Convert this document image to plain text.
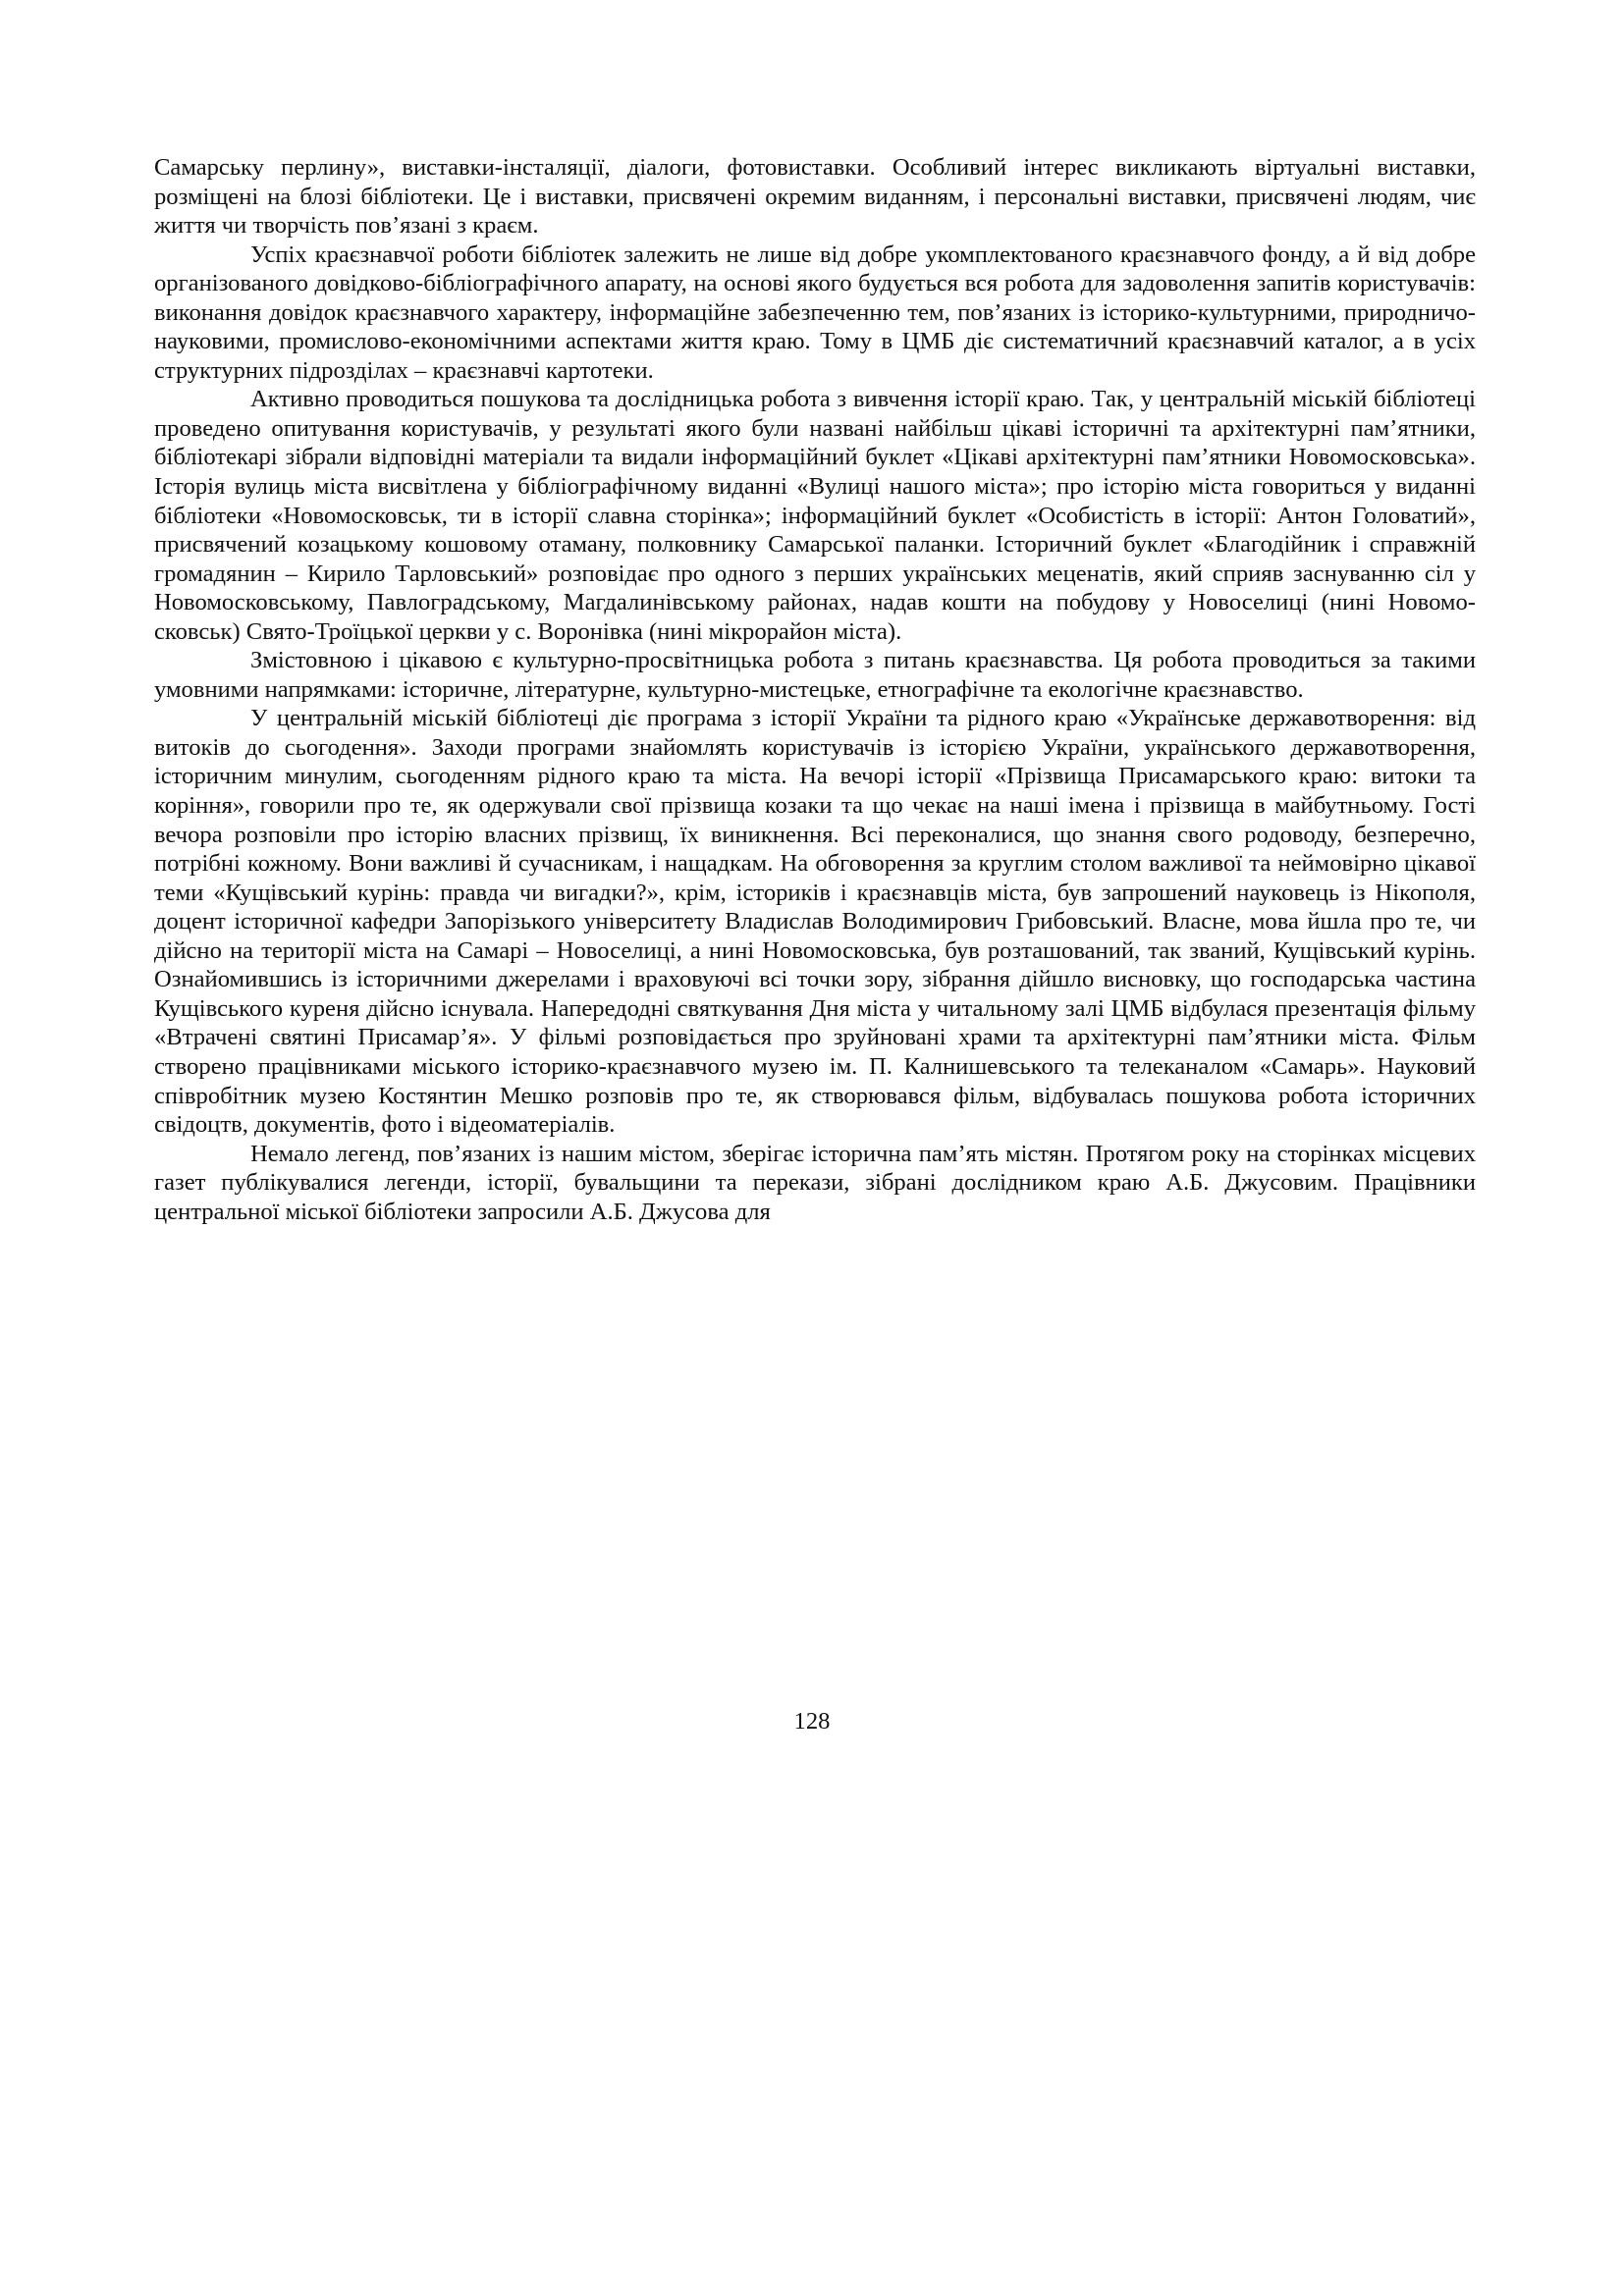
Самарську перлину», виставки-інсталяції, діалоги, фотовиставки. Особливий інтерес викликають віртуальні виставки, розміщені на блозі бібліотеки. Це і виставки, присвячені окремим виданням, і персональні виставки, присвячені людям, чиє життя чи творчість пов’язані з краєм.

Успіх краєзнавчої роботи бібліотек залежить не лише від добре укомплектованого краєзнавчого фонду, а й від добре організованого довідково-бібліографічного апарату, на основі якого будується вся робота для задоволення запитів користувачів: виконання довідок краєзнавчого характеру, інформаційне забезпеченню тем, пов’язаних із історико-культурними, природничо-науковими, промислово-економічними аспектами життя краю. Тому в ЦМБ діє систематичний краєзнавчий каталог, а в усіх структурних підрозділах – краєзнавчі картотеки.

Активно проводиться пошукова та дослідницька робота з вивчення історії краю. Так, у центральній міській бібліотеці проведено опитування користувачів, у результаті якого були названі найбільш цікаві історичні та архітектурні пам’ятники, бібліотекарі зібрали відповідні матеріали та видали інформаційний буклет «Цікаві архітектурні пам’ятники Новомосковська». Історія вулиць міста висвітлена у бібліографічному виданні «Вулиці нашого міста»; про історію міста говориться у виданні бібліотеки «Новомосковськ, ти в історії славна сторінка»; інформаційний буклет «Особистість в історії: Антон Головатий», присвячений козацькому кошовому отаману, полковнику Самарської паланки. Історичний буклет «Благодійник і справжній громадянин – Кирило Тарловський» розповідає про одного з перших українських меценатів, який сприяв заснуванню сіл у Новомосковському, Павлоградському, Магдалинівському районах, надав кошти на побудову у Новоселиці (нині Новомосковськ) Свято-Троїцької церкви у с. Воронівка (нині мікрорайон міста).

Змістовною і цікавою є культурно-просвітницька робота з питань краєзнавства. Ця робота проводиться за такими умовними напрямками: історичне, літературне, культурно-мистецьке, етнографічне та екологічне краєзнавство.

У центральній міській бібліотеці діє програма з історії України та рідного краю «Українське державотворення: від витоків до сьогодення». Заходи програми знайомлять користувачів із історією України, українського державотворення, історичним минулим, сьогоденням рідного краю та міста. На вечорі історії «Прізвища Присамарського краю: витоки та коріння», говорили про те, як одержували свої прізвища козаки та що чекає на наші імена і прізвища в майбутньому. Гості вечора розповіли про історію власних прізвищ, їх виникнення. Всі переконалися, що знання свого родоводу, безперечно, потрібні кожному. Вони важливі й сучасникам, і нащадкам. На обговорення за круглим столом важливої та неймовірно цікавої теми «Кущівський курінь: правда чи вигадки?», крім, істориків і краєзнавців міста, був запрошений науковець із Нікополя, доцент історичної кафедри Запорізького університету Владислав Володимирович Грибовський. Власне, мова йшла про те, чи дійсно на території міста на Самарі – Новоселиці, а нині Новомосковська, був розташований, так званий, Кущівський курінь. Ознайомившись із історичними джерелами і враховуючі всі точки зору, зібрання дійшло висновку, що господарська частина Кущівського куреня дійсно існувала. Напередодні святкування Дня міста у читальному залі ЦМБ відбулася презентація фільму «Втрачені святині Присамар’я». У фільмі розповідається про зруйновані храми та архітектурні пам’ятники міста. Фільм створено працівниками міського історико-краєзнавчого музею ім. П. Калнишевського та телеканалом «Самарь». Науковий співробітник музею Костянтин Мешко розповів про те, як створювався фільм, відбувалась пошукова робота історичних свідоцтв, документів, фото і відеоматеріалів.

Немало легенд, пов’язаних із нашим містом, зберігає історична пам’ять містян. Протягом року на сторінках місцевих газет публікувалися легенди, історії, бувальщини та перекази, зібрані дослідником краю А.Б. Джусовим. Працівники центральної міської бібліотеки запросили А.Б. Джусова для

128
